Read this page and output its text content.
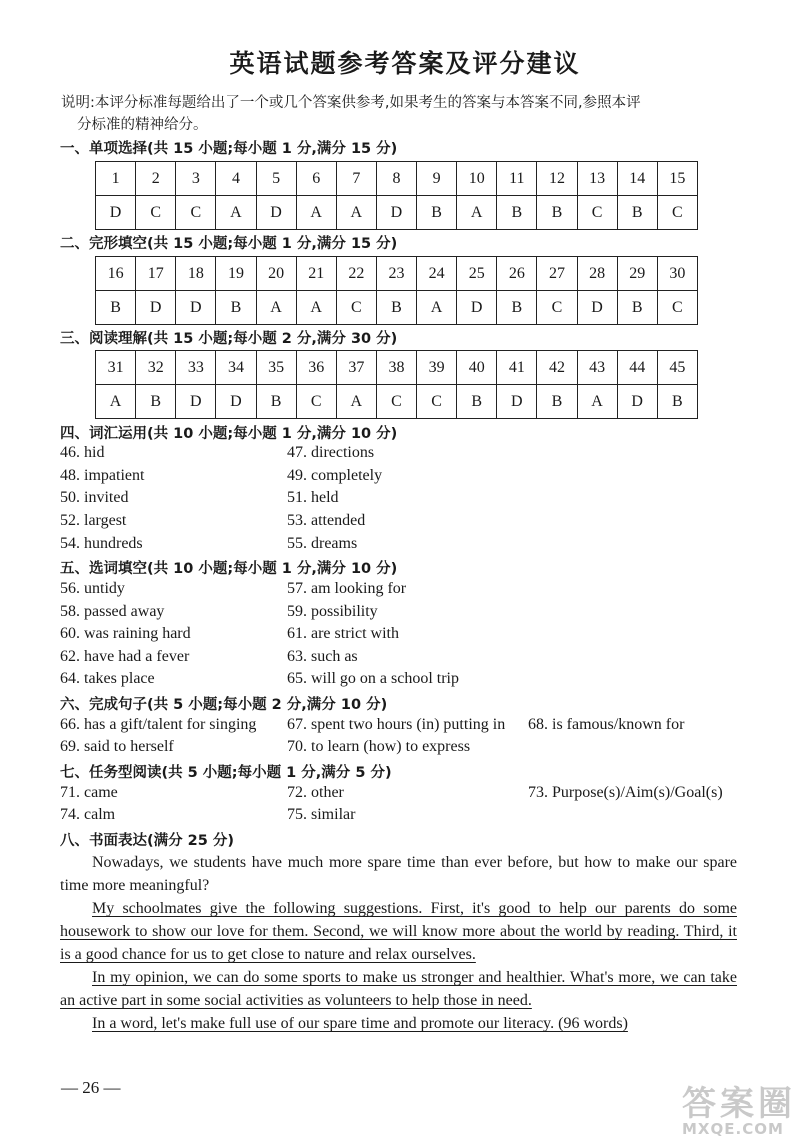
英语试题参考答案及评分建议
说明:本评分标准每题给出了一个或几个答案供参考,如果考生的答案与本答案不同,参照本评
分标准的精神给分。
一、单项选择(共 15 小题;每小题 1 分,满分 15 分)
1	2	3	4	5	6	7	8	9	10	11	12	13	14	15
D	C	C	A	D	A	A	D	B	A	B	B	C	B	C
二、完形填空(共 15 小题;每小题 1 分,满分 15 分)
16	17	18	19	20	21	22	23	24	25	26	27	28	29	30
B	D	D	B	A	A	C	B	A	D	B	C	D	B	C
三、阅读理解(共 15 小题;每小题 2 分,满分 30 分)
31	32	33	34	35	36	37	38	39	40	41	42	43	44	45
A	B	D	D	B	C	A	C	C	B	D	B	A	D	B
四、词汇运用(共 10 小题;每小题 1 分,满分 10 分)
46. hid	47. directions
48. impatient	49. completely
50. invited	51. held
52. largest	53. attended
54. hundreds	55. dreams
五、选词填空(共 10 小题;每小题 1 分,满分 10 分)
56. untidy	57. am looking for
58. passed away	59. possibility
60. was raining hard	61. are strict with
62. have had a fever	63. such as
64. takes place	65. will go on a school trip
六、完成句子(共 5 小题;每小题 2 分,满分 10 分)
66. has a gift/talent for singing 67. spent two hours (in) putting in 68. is famous/known for
69. said to herself	70. to learn (how) to express
七、任务型阅读(共 5 小题;每小题 1 分,满分 5 分)
71. came	72. other	73. Purpose(s)/Aim(s)/Goal(s)
74. calm	75. similar
八、书面表达(满分 25 分)

Nowadays, we students have much more spare time than ever before, but how to make our spare time more meaningful?

My schoolmates give the following suggestions. First, it's good to help our parents do some housework to show our love for them. Second, we will know more about the world by reading. Third, it is a good chance for us to get close to nature and relax ourselves.

In my opinion, we can do some sports to make us stronger and healthier. What's more, we can take an active part in some social activities as volunteers to help those in need.

In a word, let's make full use of our spare time and promote our literacy. (96 words)

— 26 —	答案圈
MXQE.COM
